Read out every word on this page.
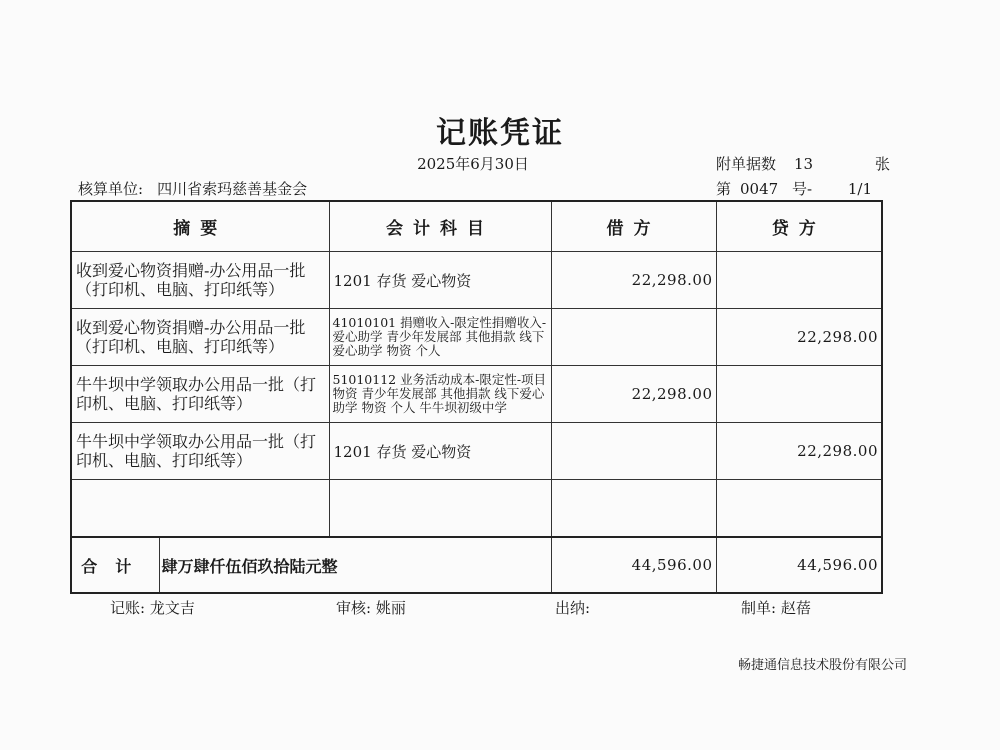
记账凭证
2025年6月30日	附单据数 13	张
核算单位: 四川省索玛慈善基金会	第 0047 号- 1/1
摘要		会计科目	借方	贷方
收到爱心物资捐赠-办公用品一批（打印机、电脑、打印纸等）		1201 存货 爱心物资	22,298.00	
收到爱心物资捐赠-办公用品一批（打印机、电脑、打印纸等）		41010101 捐赠收入-限定性捐赠收入-爱心助学 青少年发展部 其他捐款 线下爱心助学 物资 个人		22,298.00
牛牛坝中学领取办公用品一批（打印机、电脑、打印纸等）		51010112 业务活动成本-限定性-项目物资 青少年发展部 其他捐款 线下爱心助学 物资 个人 牛牛坝初级中学	22,298.00	
牛牛坝中学领取办公用品一批（打印机、电脑、打印纸等）		1201 存货 爱心物资		22,298.00

合计	肆万肆仟伍佰玖拾陆元整		44,596.00	44,596.00
记账: 龙文吉	审核: 姚丽	出纳:	制单: 赵蓓
畅捷通信息技术股份有限公司
